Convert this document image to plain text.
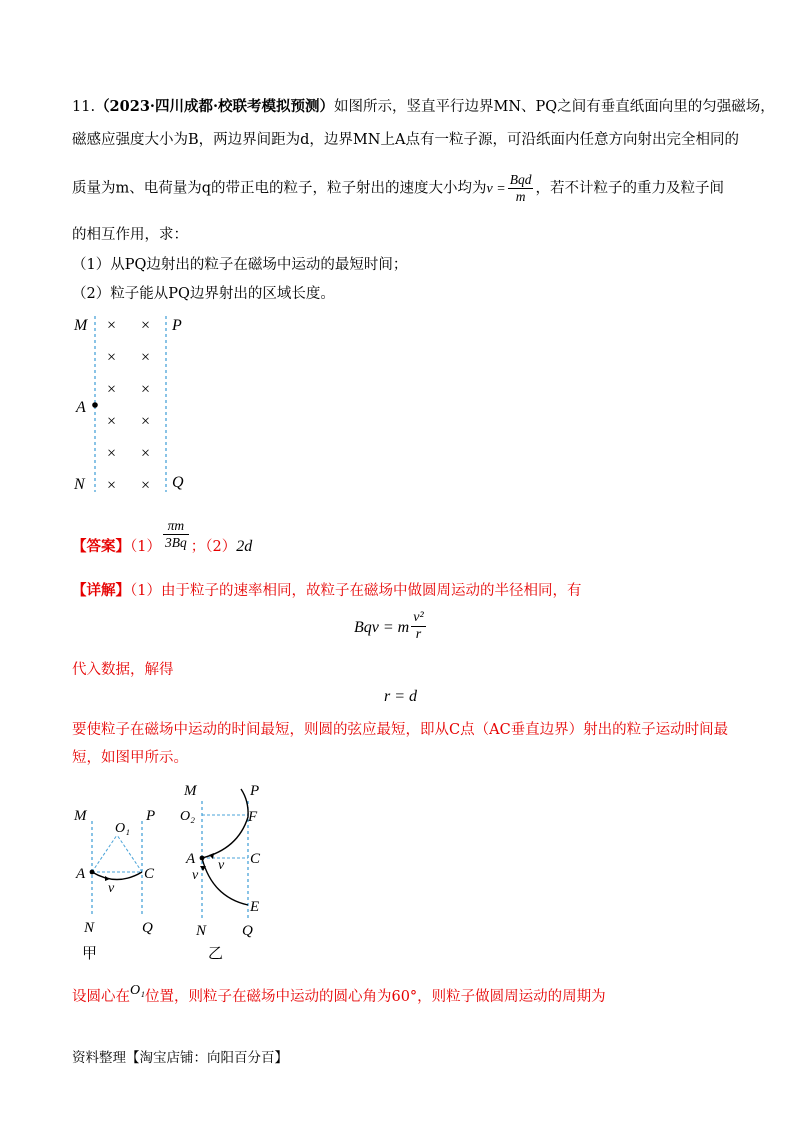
11.（2023·四川成都·校联考模拟预测）如图所示，竖直平行边界MN、PQ之间有垂直纸面向里的匀强磁场，
磁感应强度大小为B，两边界间距为d，边界MN上A点有一粒子源，可沿纸面内任意方向射出完全相同的
质量为m、电荷量为q的带正电的粒子，粒子射出的速度大小均为$v = \frac{\text{Bqd}}{m}$ ，若不计粒子的重力及粒子间
的相互作用，求：
（1）从PQ边射出的粒子在磁场中运动的最短时间；
（2）粒子能从PQ边界射出的区域长度。
M	P
A
N	Q
× ×
× ×
× ×
× ×
× ×
× ×
【答案】$(1) \frac{\pi m}{3Bq}$ ；（2）2d
【详解】（1）由于粒子的速率相同，故粒子在磁场中做圆周运动的半径相同，有
Bqv = m $\frac{\text{v²}}{r}$
代入数据，解得
r = d
要使粒子在磁场中运动的时间最短，则圆的弦应最短，即从C点（AC垂直边界）射出的粒子运动时间最
短，如图甲所示。
M	P
O₁
A	C
v
N	Q
甲
M	P
O₂	F
A	C
v
v
E
N Q
乙
设圆心在O₁位置，则粒子在磁场中运动的圆心角为60°，则粒子做圆周运动的周期为
资料整理【淘宝店铺：向阳百分百】
